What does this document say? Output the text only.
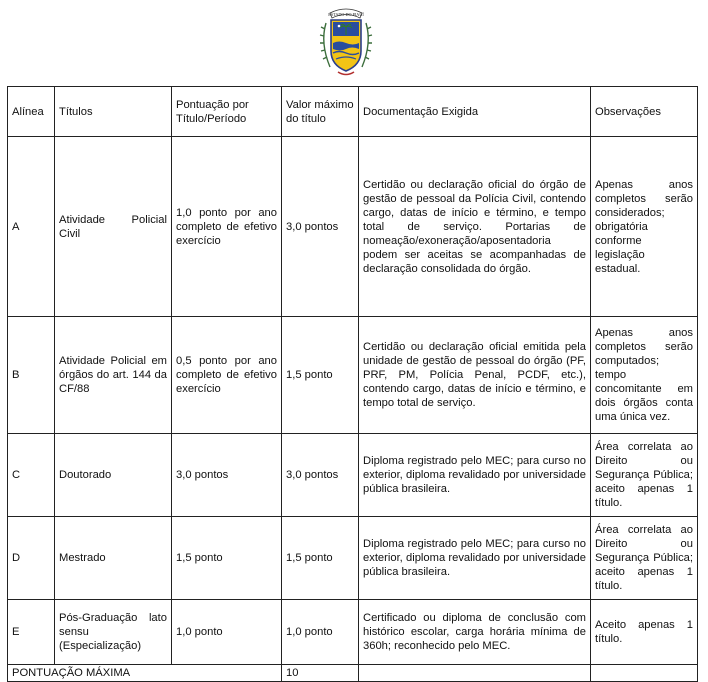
ESTADO DO PIAUÍ
Alínea	Títulos	Pontuação por Título/Período	Valor máximo do título	Documentação Exigida	Observações
A	Atividade Policial Civil	1,0 ponto por ano completo de efetivo exercício	3,0 pontos	Certidão ou declaração oficial do órgão de gestão de pessoal da Polícia Civil, contendo cargo, datas de início e término, e tempo total de serviço. Portarias de nomeação/exoneração/aposentadoria podem ser aceitas se acompanhadas de declaração consolidada do órgão.	Apenas anos completos serão considerados; obrigatória conforme legislação estadual.
B	Atividade Policial em órgãos do art. 144 da CF/88	0,5 ponto por ano completo de efetivo exercício	1,5 ponto	Certidão ou declaração oficial emitida pela unidade de gestão de pessoal do órgão (PF, PRF, PM, Polícia Penal, PCDF, etc.), contendo cargo, datas de início e término, e tempo total de serviço.	Apenas anos completos serão computados; tempo concomitante em dois órgãos conta uma única vez.
C	Doutorado	3,0 pontos	3,0 pontos	Diploma registrado pelo MEC; para curso no exterior, diploma revalidado por universidade pública brasileira.	Área correlata ao Direito ou Segurança Pública; aceito apenas 1 título.
D	Mestrado	1,5 ponto	1,5 ponto	Diploma registrado pelo MEC; para curso no exterior, diploma revalidado por universidade pública brasileira.	Área correlata ao Direito ou Segurança Pública; aceito apenas 1 título.
E	Pós-Graduação lato sensu (Especialização)	1,0 ponto	1,0 ponto	Certificado ou diploma de conclusão com histórico escolar, carga horária mínima de 360h; reconhecido pelo MEC.	Aceito apenas 1 título.
PONTUAÇÃO MÁXIMA			10		
